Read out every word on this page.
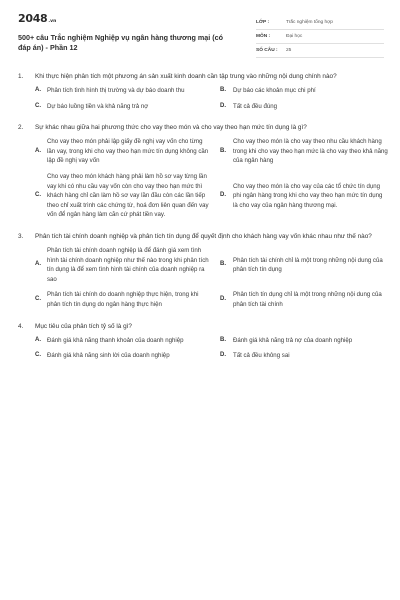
2048 .vn
500+ câu Trắc nghiệm Nghiệp vụ ngân hàng thương mại (có đáp án) - Phần 12
LỚP :	Trắc nghiệm tổng hợp
MÔN :	Đại học
SỐ CÂU :	25
1.	Khi thực hiện phân tích một phương án sản xuất kinh doanh cần tập trung vào những nội dung chính nào?
A. Phân tích tình hình thị trường và dự báo doanh thu	B.	Dự báo các khoản mục chi phí
C. Dự báo luồng tiền và khả năng trả nợ	D.	Tất cả đều đúng
2.	Sự khác nhau giữa hai phương thức cho vay theo món và cho vay theo hạn mức tín dụng là gì?
A.
Cho vay theo món phải lập giấy đề nghị vay vốn cho từng lần vay, trong khi cho vay theo hạn mức tín dụng không cần lập đề nghị vay vốn
B.
Cho vay theo món là cho vay theo nhu cầu khách hàng trong khi cho vay theo hạn mức là cho vay theo khả năng của ngân hàng
C.
Cho vay theo món khách hàng phải làm hồ sơ vay từng lần vay khi có nhu cầu vay vốn còn cho vay theo hạn mức thì khách hàng chỉ cần làm hồ sơ vay lần đầu còn các lần tiếp theo chỉ xuất trình các chứng từ, hoá đơn liên quan đến vay vốn để ngân hàng làm căn cứ phát tiền vay.
D.
Cho vay theo món là cho vay của các tổ chức tín dụng phi ngân hàng trong khi cho vay theo hạn mức tín dụng là cho vay của ngân hàng thương mại.
3.	Phân tích tài chính doanh nghiệp và phân tích tín dụng để quyết định cho khách hàng vay vốn khác nhau như thế nào?
A.
Phân tích tài chính doanh nghiệp là để đánh giá xem tình hình tài chính doanh nghiệp như thế nào trong khi phân tích tín dụng là để xem tình hình tài chính của doanh nghiệp ra sao
B.
Phân tích tài chính chỉ là một trong những nội dung của phân tích tín dụng
C.
Phân tích tài chính do doanh nghiệp thực hiện, trong khi phân tích tín dụng do ngân hàng thực hiện
D.
Phân tích tín dụng chỉ là một trong những nội dung của phân tích tài chính
4.	Mục tiêu của phân tích tỷ số là gì?
A. Đánh giá khả năng thanh khoản của doanh nghiệp	B.	Đánh giá khả năng trả nợ của doanh nghiệp
C. Đánh giá khả năng sinh lời của doanh nghiệp	D.	Tất cả đều không sai
